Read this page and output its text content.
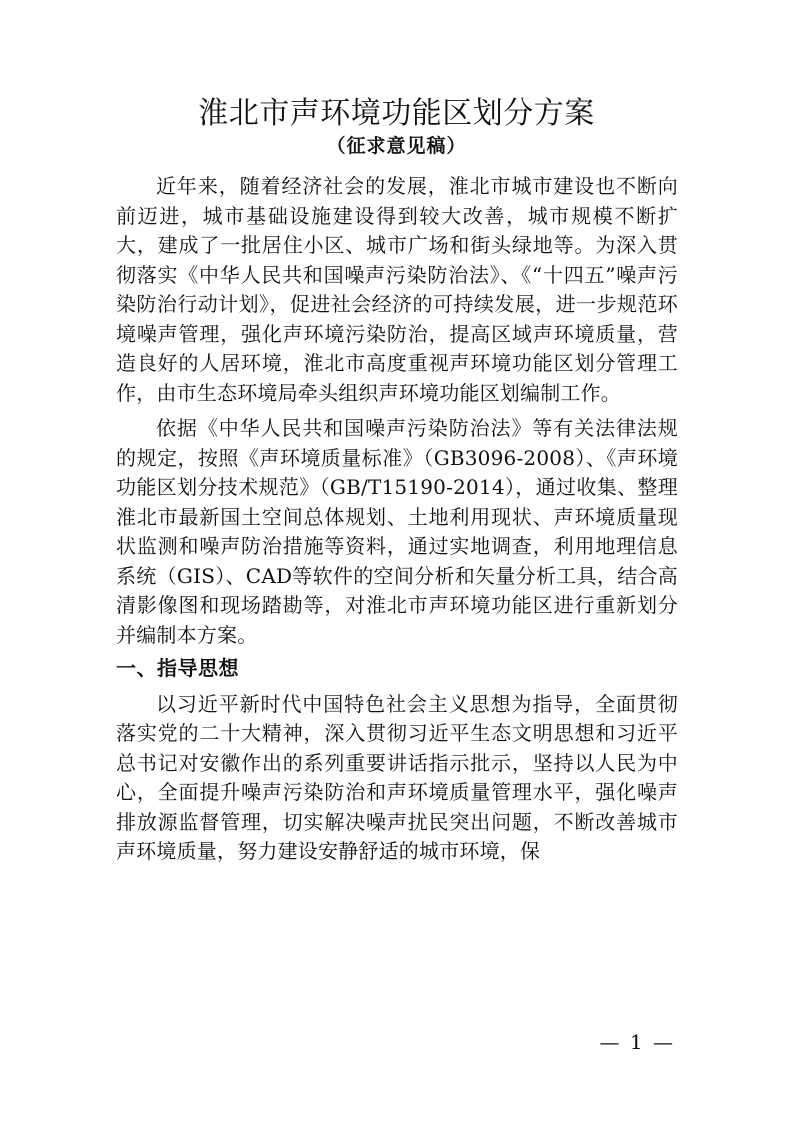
淮北市声环境功能区划分方案
（征求意见稿）

近年来，随着经济社会的发展，淮北市城市建设也不断向前迈进，城市基础设施建设得到较大改善，城市规模不断扩大，建成了一批居住小区、城市广场和街头绿地等。为深入贯彻落实《中华人民共和国噪声污染防治法》、《“十四五”噪声污染防治行动计划》，促进社会经济的可持续发展，进一步规范环境噪声管理，强化声环境污染防治，提高区域声环境质量，营造良好的人居环境，淮北市高度重视声环境功能区划分管理工作，由市生态环境局牵头组织声环境功能区划编制工作。

依据《中华人民共和国噪声污染防治法》等有关法律法规的规定，按照《声环境质量标准》（GB3096-2008）、《声环境功能区划分技术规范》（GB/T15190-2014），通过收集、整理淮北市最新国土空间总体规划、土地利用现状、声环境质量现状监测和噪声防治措施等资料，通过实地调查，利用地理信息系统（GIS）、CAD等软件的空间分析和矢量分析工具，结合高清影像图和现场踏勘等，对淮北市声环境功能区进行重新划分并编制本方案。

一、指导思想

以习近平新时代中国特色社会主义思想为指导，全面贯彻落实党的二十大精神，深入贯彻习近平生态文明思想和习近平总书记对安徽作出的系列重要讲话指示批示，坚持以人民为中心，全面提升噪声污染防治和声环境质量管理水平，强化噪声排放源监督管理，切实解决噪声扰民突出问题，不断改善城市声环境质量，努力建设安静舒适的城市环境，保

— 1 —
